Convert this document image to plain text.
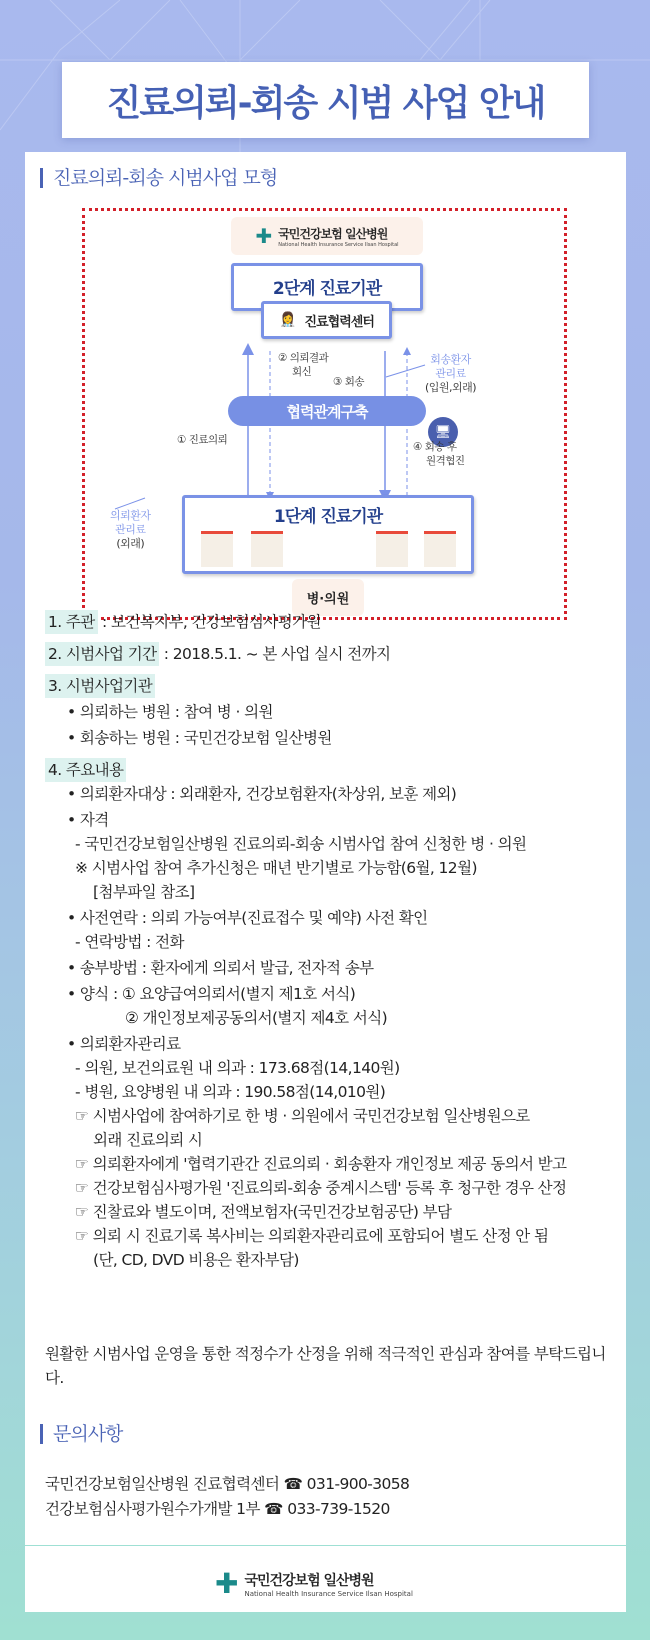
진료의뢰-회송 시범 사업 안내
진료의뢰-회송 시범사업 모형
✚ 국민건강보험 일산병원
National Health Insurance Service Ilsan Hospital
2단계 진료기관
👩‍⚕️ 진료협력센터
② 의뢰결과
회신
③ 회송
회송환자
관리료
(입원,외래)
협력관계구축
🖥
① 진료의뢰
④ 회송 후
원격협진
1단계 진료기관
의뢰환자
관리료
(외래)
병·의원
1. 주관 : 보건복지부, 건강보험심사평가원
2. 시범사업 기간 : 2018.5.1. ~ 본 사업 실시 전까지
3. 시범사업기관
• 의뢰하는 병원 : 참여 병 · 의원
• 회송하는 병원 : 국민건강보험 일산병원
4. 주요내용
• 의뢰환자대상 : 외래환자, 건강보험환자(차상위, 보훈 제외)
• 자격
- 국민건강보험일산병원 진료의뢰-회송 시범사업 참여 신청한 병 · 의원
※ 시범사업 참여 추가신청은 매년 반기별로 가능함(6월, 12월)
[첨부파일 참조]
• 사전연락 : 의뢰 가능여부(진료접수 및 예약) 사전 확인
- 연락방법 : 전화
• 송부방법 : 환자에게 의뢰서 발급, 전자적 송부
• 양식 : ① 요양급여의뢰서(별지 제1호 서식)
② 개인정보제공동의서(별지 제4호 서식)
• 의뢰환자관리료
- 의원, 보건의료원 내 의과 : 173.68점(14,140원)
- 병원, 요양병원 내 의과 : 190.58점(14,010원)
☞ 시범사업에 참여하기로 한 병 · 의원에서 국민건강보험 일산병원으로
외래 진료의뢰 시
☞ 의뢰환자에게 '협력기관간 진료의뢰 · 회송환자 개인정보 제공 동의서 받고
☞ 건강보험심사평가원 '진료의뢰-회송 중계시스템' 등록 후 청구한 경우 산정
☞ 진찰료와 별도이며, 전액보험자(국민건강보험공단) 부담
☞ 의뢰 시 진료기록 복사비는 의뢰환자관리료에 포함되어 별도 산정 안 됨
(단, CD, DVD 비용은 환자부담)
원활한 시범사업 운영을 통한 적정수가 산정을 위해 적극적인 관심과 참여를 부탁드립니다.
문의사항
국민건강보험일산병원 진료협력센터 ☎ 031-900-3058
건강보험심사평가원수가개발 1부 ☎ 033-739-1520
✚ 국민건강보험 일산병원
National Health Insurance Service Ilsan Hospital
